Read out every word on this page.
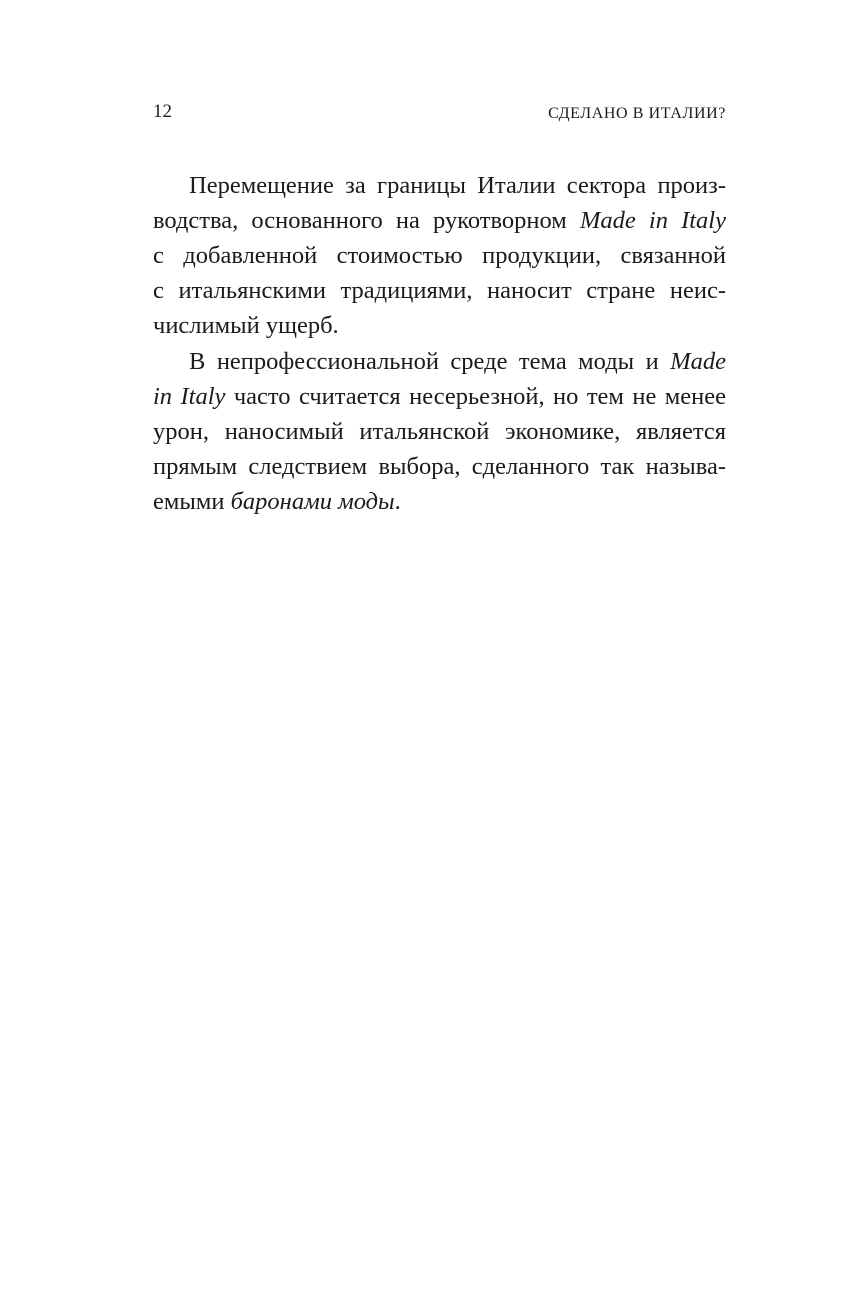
12	СДЕЛАНО В ИТАЛИИ?
Перемещение за границы Италии сектора произ-
водства, основанного на рукотворном Made in Italy
с добавленной стоимостью продукции, связанной
с итальянскими традициями, наносит стране неис-
числимый ущерб.
В непрофессиональной среде тема моды и Made
in Italy часто считается несерьезной, но тем не менее
урон, наносимый итальянской экономике, является
прямым следствием выбора, сделанного так называ-
емыми баронами моды.
